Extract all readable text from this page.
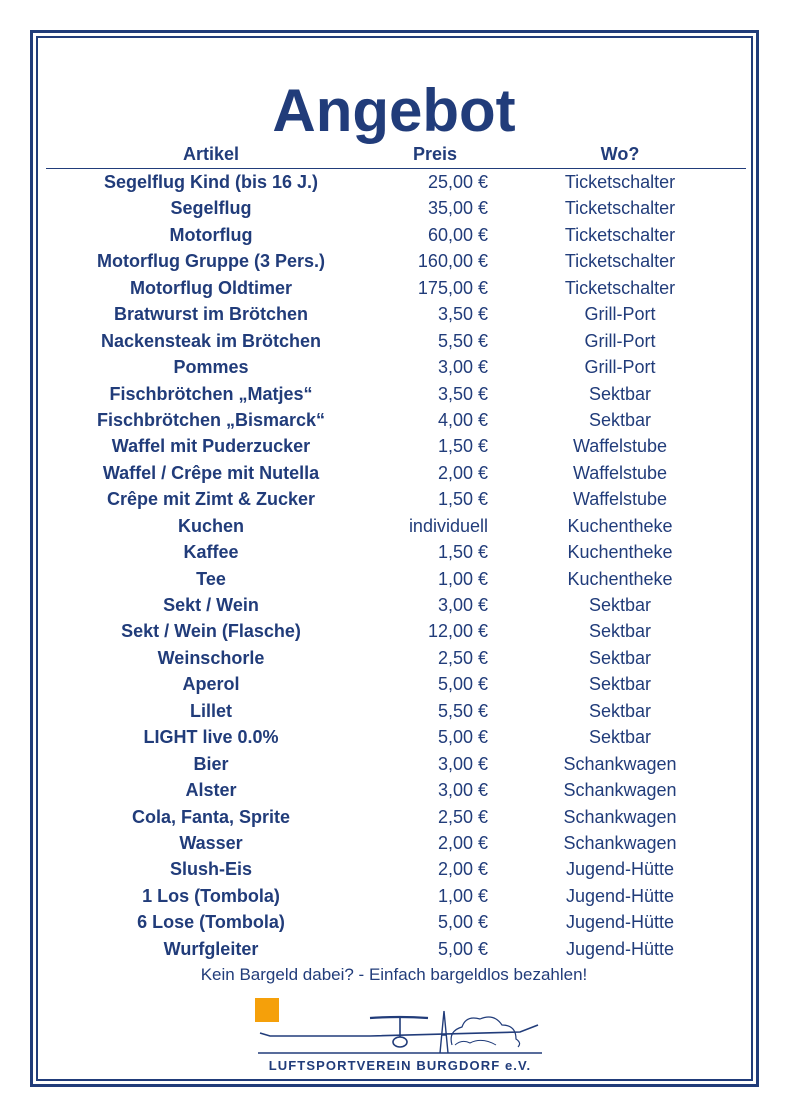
Angebot
Artikel	Preis	Wo?
Segelflug Kind (bis 16 J.)	25,00 €	Ticketschalter
Segelflug	35,00 €	Ticketschalter
Motorflug	60,00 €	Ticketschalter
Motorflug Gruppe (3 Pers.)	160,00 €	Ticketschalter
Motorflug Oldtimer	175,00 €	Ticketschalter
Bratwurst im Brötchen	3,50 €	Grill-Port
Nackensteak im Brötchen	5,50 €	Grill-Port
Pommes	3,00 €	Grill-Port
Fischbrötchen „Matjes“	3,50 €	Sektbar
Fischbrötchen „Bismarck“	4,00 €	Sektbar
Waffel mit Puderzucker	1,50 €	Waffelstube
Waffel / Crêpe mit Nutella	2,00 €	Waffelstube
Crêpe mit Zimt & Zucker	1,50 €	Waffelstube
Kuchen	individuell	Kuchentheke
Kaffee	1,50 €	Kuchentheke
Tee	1,00 €	Kuchentheke
Sekt / Wein	3,00 €	Sektbar
Sekt / Wein (Flasche)	12,00 €	Sektbar
Weinschorle	2,50 €	Sektbar
Aperol	5,00 €	Sektbar
Lillet	5,50 €	Sektbar
LIGHT live 0.0%	5,00 €	Sektbar
Bier	3,00 €	Schankwagen
Alster	3,00 €	Schankwagen
Cola, Fanta, Sprite	2,50 €	Schankwagen
Wasser	2,00 €	Schankwagen
Slush-Eis	2,00 €	Jugend-Hütte
1 Los (Tombola)	1,00 €	Jugend-Hütte
6 Lose (Tombola)	5,00 €	Jugend-Hütte
Wurfgleiter	5,00 €	Jugend-Hütte
Kein Bargeld dabei? - Einfach bargeldlos bezahlen!
LUFTSPORTVEREIN BURGDORF e.V.
